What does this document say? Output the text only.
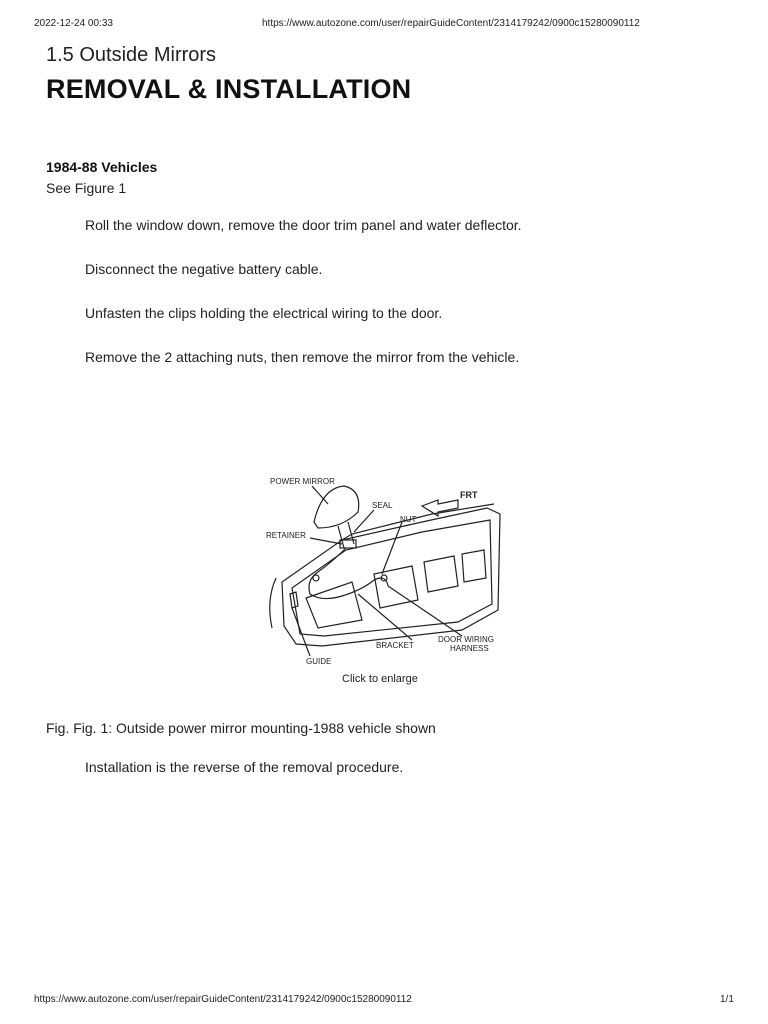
2022-12-24 00:33	https://www.autozone.com/user/repairGuideContent/2314179242/0900c15280090112
1.5 Outside Mirrors
REMOVAL & INSTALLATION
1984-88 Vehicles
See Figure 1
Roll the window down, remove the door trim panel and water deflector.
Disconnect the negative battery cable.
Unfasten the clips holding the electrical wiring to the door.
Remove the 2 attaching nuts, then remove the mirror from the vehicle.
POWER MIRROR
SEAL
FRT
NUT
RETAINER
BRACKET
DOOR WIRING
HARNESS
GUIDE
Click to enlarge
Fig. Fig. 1: Outside power mirror mounting-1988 vehicle shown
Installation is the reverse of the removal procedure.
https://www.autozone.com/user/repairGuideContent/2314179242/0900c15280090112	1/1
